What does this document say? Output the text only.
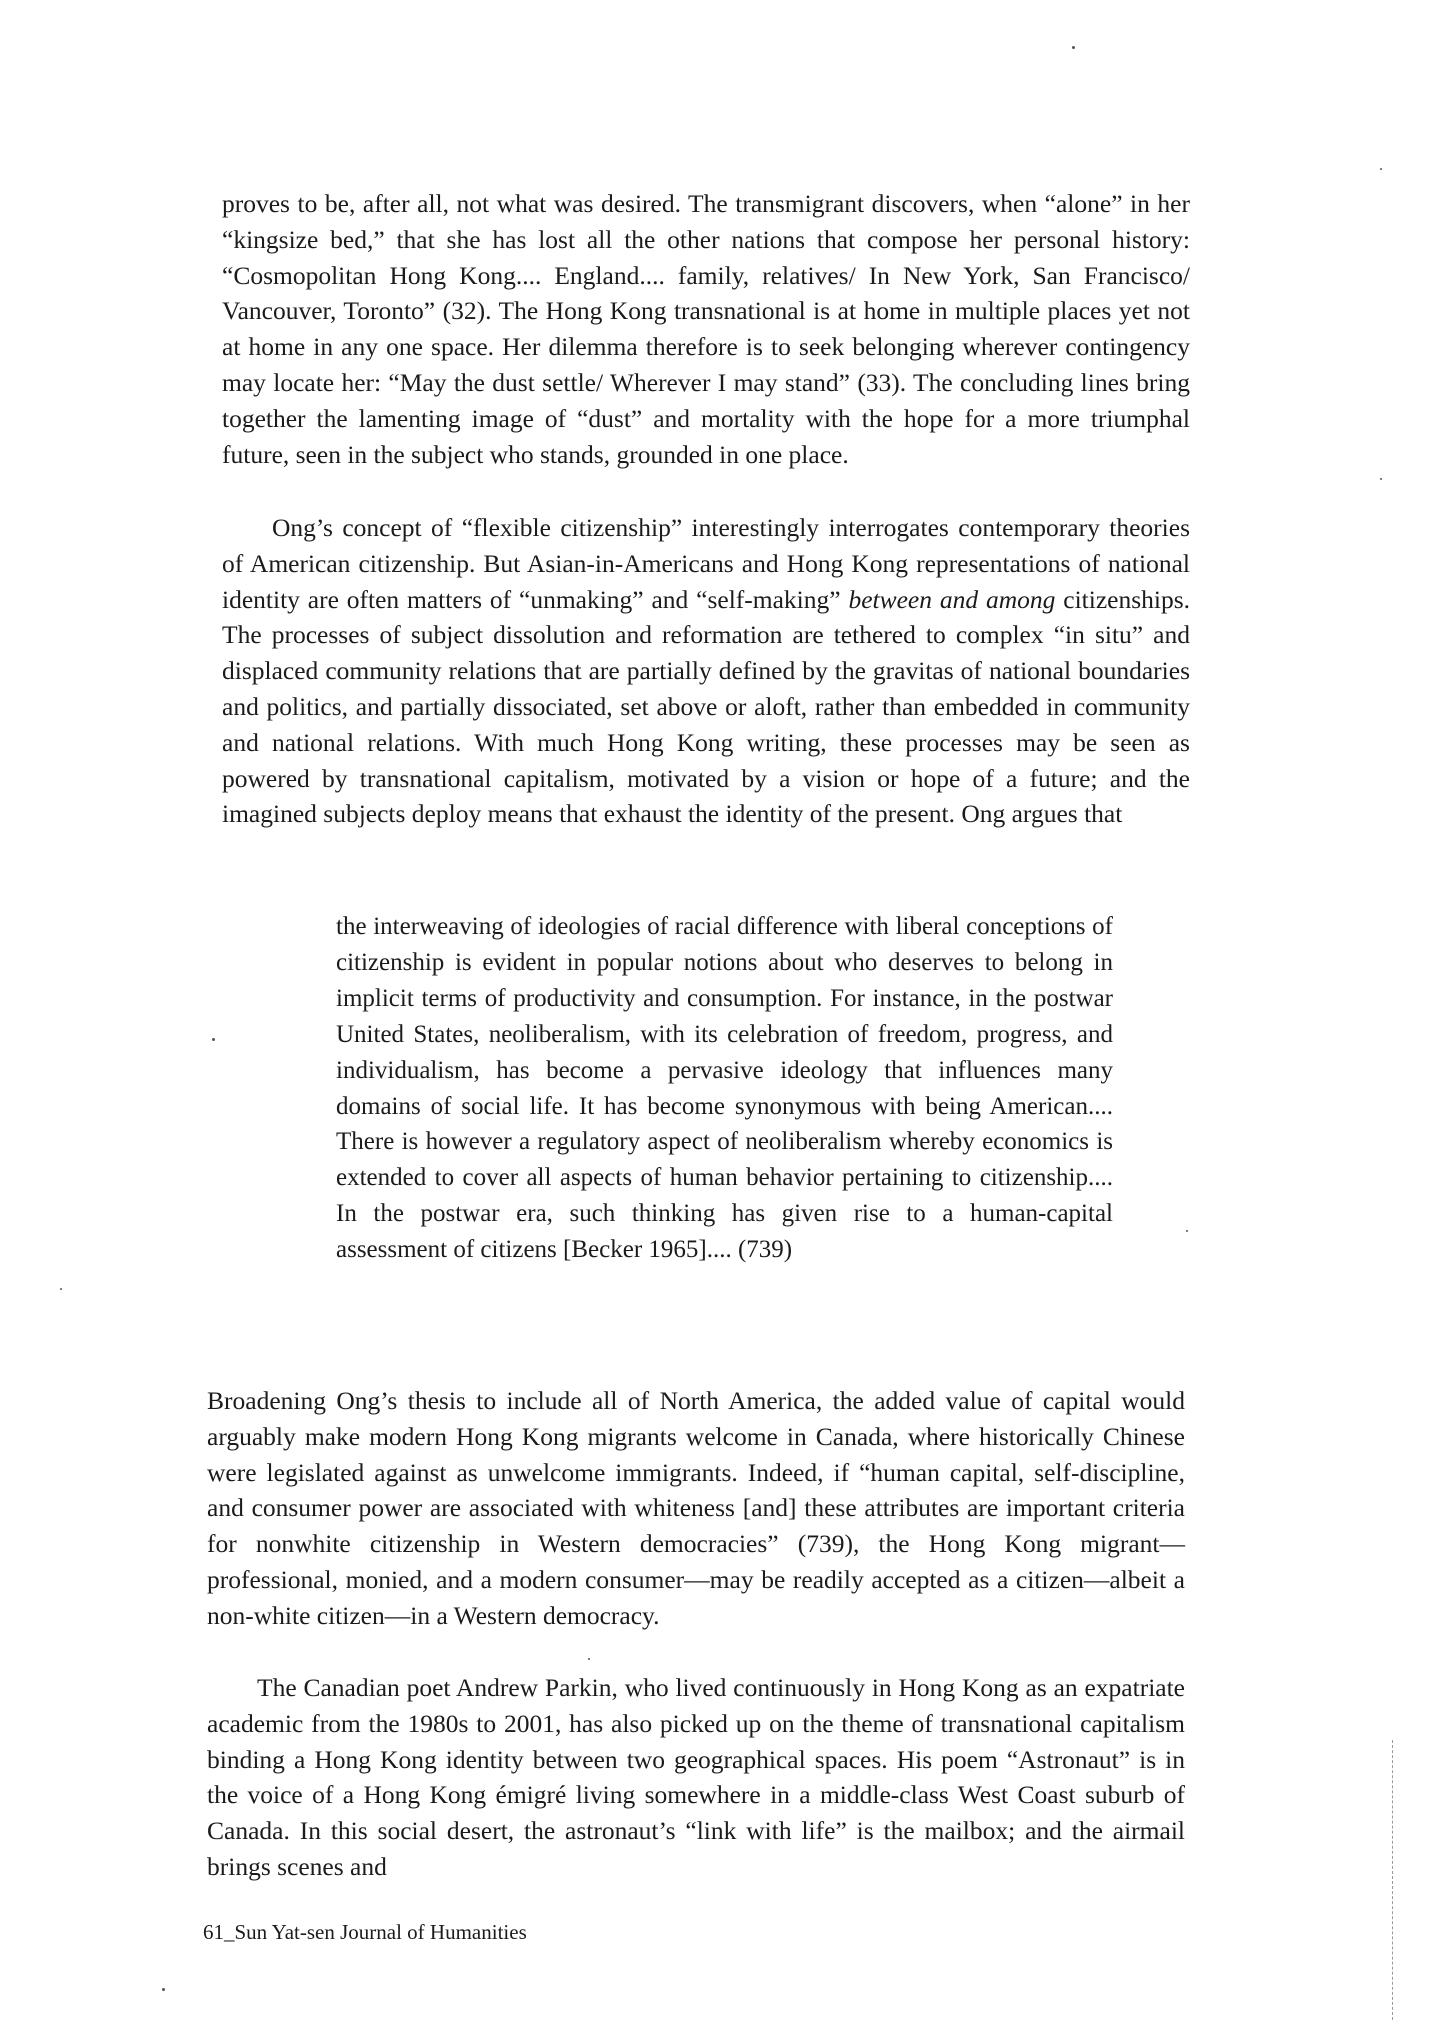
proves to be, after all, not what was desired. The transmigrant discovers, when “alone” in her “kingsize bed,” that she has lost all the other nations that compose her personal history: “Cosmopolitan Hong Kong.... England.... family, relatives/ In New York, San Francisco/ Vancouver, Toronto” (32). The Hong Kong transnational is at home in multiple places yet not at home in any one space. Her dilemma therefore is to seek belonging wherever contingency may locate her: “May the dust settle/ Wherever I may stand” (33). The concluding lines bring together the lamenting image of “dust” and mortality with the hope for a more triumphal future, seen in the subject who stands, grounded in one place.

Ong’s concept of “flexible citizenship” interestingly interrogates contemporary theories of American citizenship. But Asian-in-Americans and Hong Kong representations of national identity are often matters of “unmaking” and “self-making” between and among citizenships. The processes of subject dissolution and reformation are tethered to complex “in situ” and displaced community relations that are partially defined by the gravitas of national boundaries and politics, and partially dissociated, set above or aloft, rather than embedded in community and national relations. With much Hong Kong writing, these processes may be seen as powered by transnational capitalism, motivated by a vision or hope of a future; and the imagined subjects deploy means that exhaust the identity of the present. Ong argues that

the interweaving of ideologies of racial difference with liberal conceptions of citizenship is evident in popular notions about who deserves to belong in implicit terms of productivity and consumption. For instance, in the postwar United States, neoliberalism, with its celebration of freedom, progress, and individualism, has become a pervasive ideology that influences many domains of social life. It has become synonymous with being American.... There is however a regulatory aspect of neoliberalism whereby economics is extended to cover all aspects of human behavior pertaining to citizenship.... In the postwar era, such thinking has given rise to a human-capital assessment of citizens [Becker 1965].... (739)

Broadening Ong’s thesis to include all of North America, the added value of capital would arguably make modern Hong Kong migrants welcome in Canada, where historically Chinese were legislated against as unwelcome immigrants. Indeed, if “human capital, self-discipline, and consumer power are associated with whiteness [and] these attributes are important criteria for nonwhite citizenship in Western democracies” (739), the Hong Kong migrant—professional, monied, and a modern consumer—may be readily accepted as a citizen—albeit a non-white citizen—in a Western democracy.

The Canadian poet Andrew Parkin, who lived continuously in Hong Kong as an expatriate academic from the 1980s to 2001, has also picked up on the theme of transnational capitalism binding a Hong Kong identity between two geographical spaces. His poem “Astronaut” is in the voice of a Hong Kong émigré living somewhere in a middle-class West Coast suburb of Canada. In this social desert, the astronaut’s “link with life” is the mailbox; and the airmail brings scenes and

61_Sun Yat-sen Journal of Humanities
